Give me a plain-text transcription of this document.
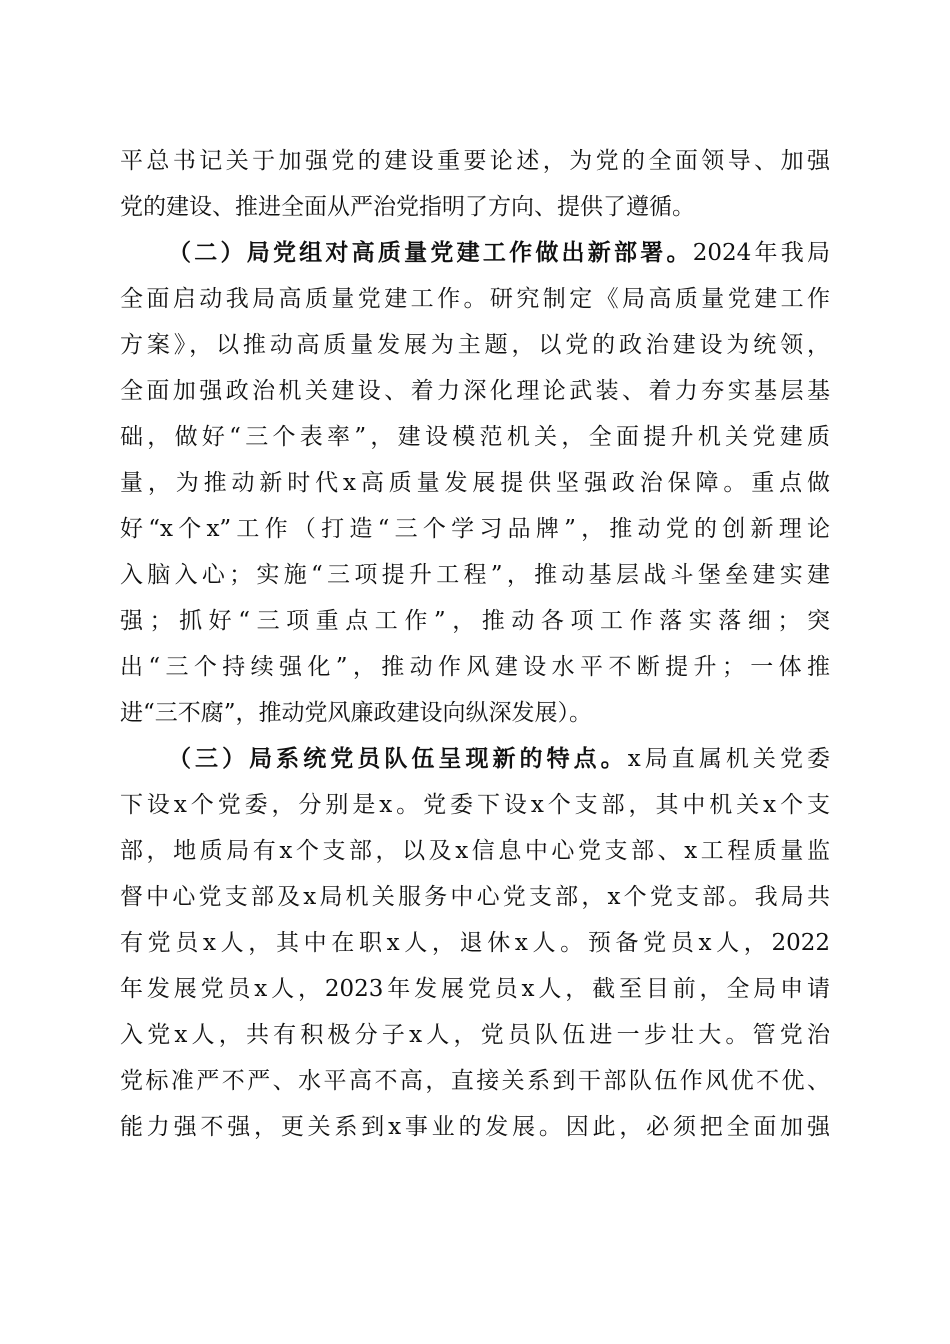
平总书记关于加强党的建设重要论述，为党的全面领导、加强
党的建设、推进全面从严治党指明了方向、提供了遵循。
（二）局党组对高质量党建工作做出新部署。2024年我局
全面启动我局高质量党建工作。研究制定《局高质量党建工作
方案》，以推动高质量发展为主题，以党的政治建设为统领，
全面加强政治机关建设、着力深化理论武装、着力夯实基层基
础，做好“三个表率”，建设模范机关，全面提升机关党建质
量，为推动新时代x高质量发展提供坚强政治保障。重点做
好“x个x”工作（打造“三个学习品牌”，推动党的创新理论
入脑入心；实施“三项提升工程”，推动基层战斗堡垒建实建
强；抓好“三项重点工作”，推动各项工作落实落细；突
出“三个持续强化”，推动作风建设水平不断提升；一体推
进“三不腐”，推动党风廉政建设向纵深发展）。
（三）局系统党员队伍呈现新的特点。x局直属机关党委
下设x个党委，分别是x。党委下设x个支部，其中机关x个支
部，地质局有x个支部，以及x信息中心党支部、x工程质量监
督中心党支部及x局机关服务中心党支部，x个党支部。我局共
有党员x人，其中在职x人，退休x人。预备党员x人，2022
年发展党员x人，2023年发展党员x人，截至目前，全局申请
入党x人，共有积极分子x人，党员队伍进一步壮大。管党治
党标准严不严、水平高不高，直接关系到干部队伍作风优不优、
能力强不强，更关系到x事业的发展。因此，必须把全面加强
